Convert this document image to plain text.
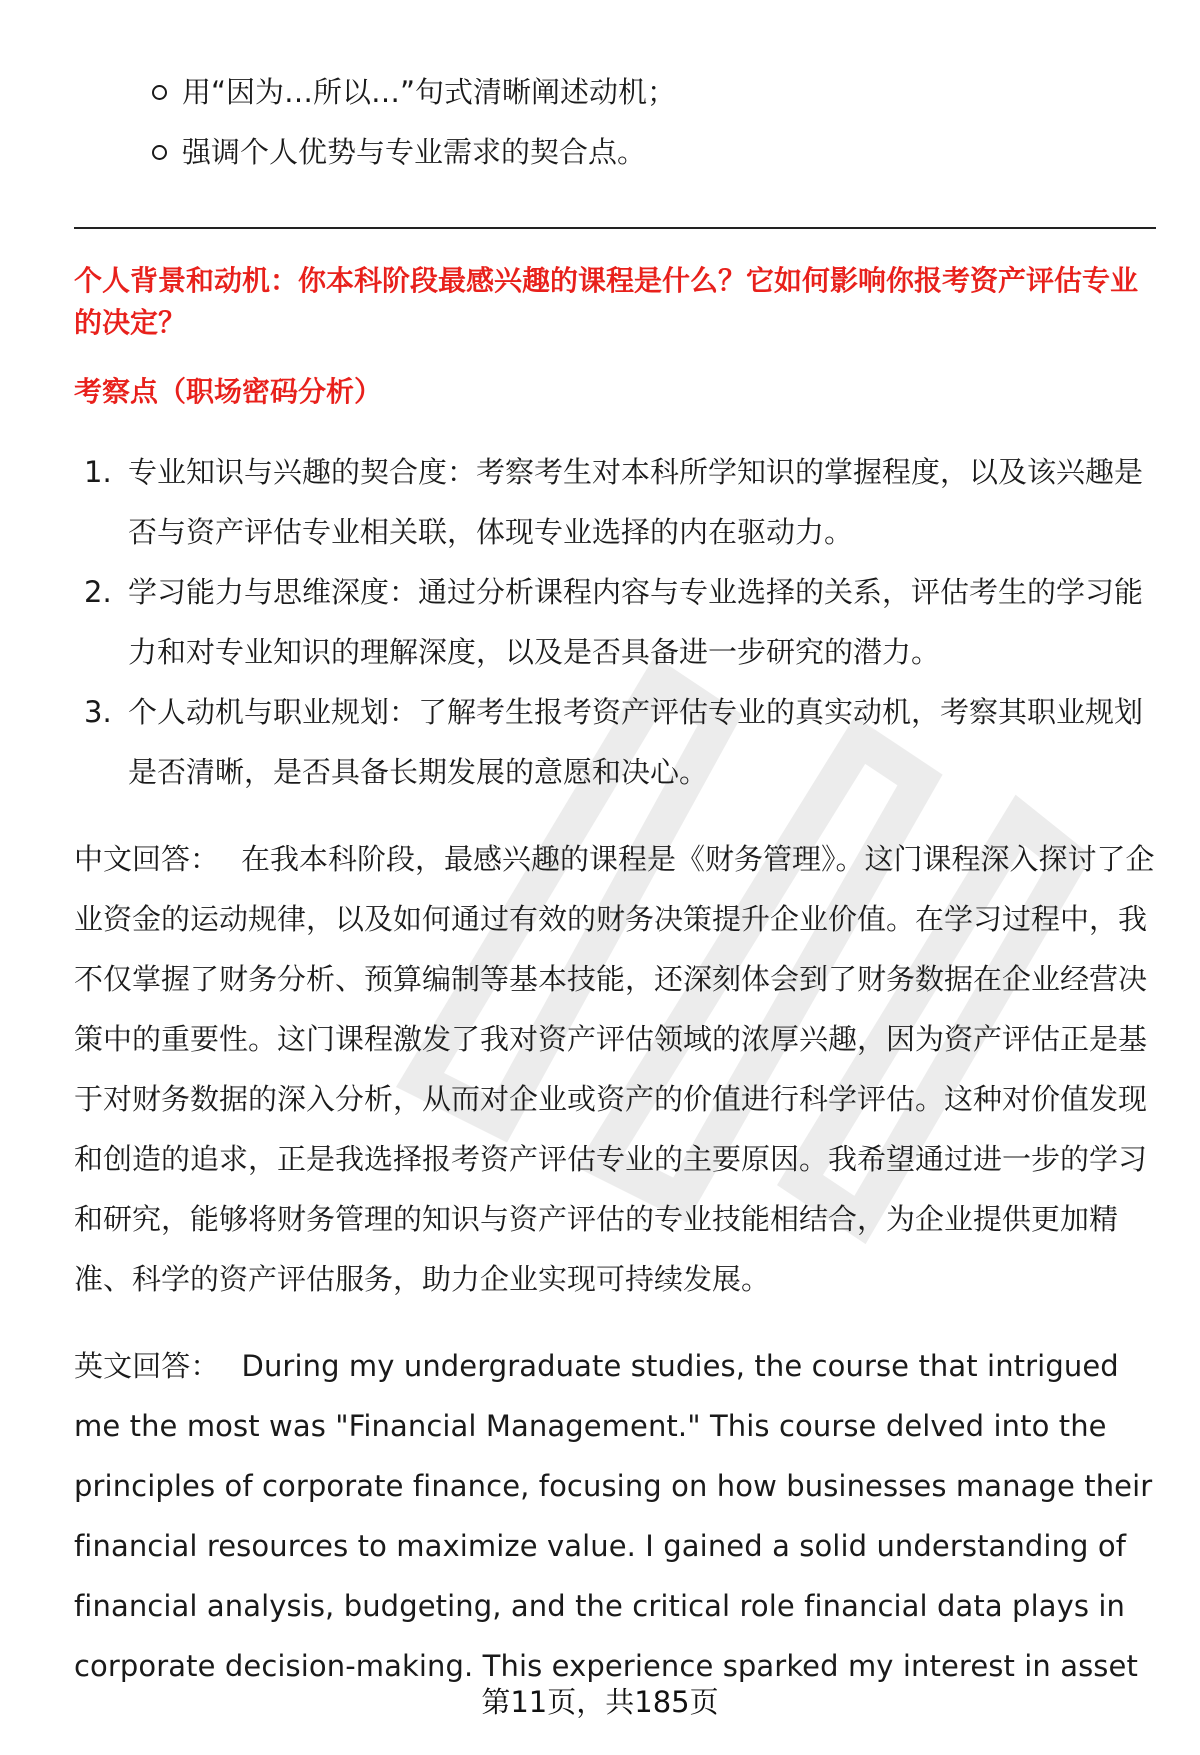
用“因为…所以…”句式清晰阐述动机；
强调个人优势与专业需求的契合点。

个人背景和动机：你本科阶段最感兴趣的课程是什么？它如何影响你报考资产评估专业的决定？

考察点（职场密码分析）

1. 专业知识与兴趣的契合度：考察考生对本科所学知识的掌握程度，以及该兴趣是否与资产评估专业相关联，体现专业选择的内在驱动力。
2. 学习能力与思维深度：通过分析课程内容与专业选择的关系，评估考生的学习能力和对专业知识的理解深度，以及是否具备进一步研究的潜力。
3. 个人动机与职业规划：了解考生报考资产评估专业的真实动机，考察其职业规划是否清晰，是否具备长期发展的意愿和决心。

中文回答： 在我本科阶段，最感兴趣的课程是《财务管理》。这门课程深入探讨了企业资金的运动规律，以及如何通过有效的财务决策提升企业价值。在学习过程中，我不仅掌握了财务分析、预算编制等基本技能，还深刻体会到了财务数据在企业经营决策中的重要性。这门课程激发了我对资产评估领域的浓厚兴趣，因为资产评估正是基于对财务数据的深入分析，从而对企业或资产的价值进行科学评估。这种对价值发现和创造的追求，正是我选择报考资产评估专业的主要原因。我希望通过进一步的学习和研究，能够将财务管理的知识与资产评估的专业技能相结合，为企业提供更加精准、科学的资产评估服务，助力企业实现可持续发展。

英文回答： During my undergraduate studies, the course that intrigued me the most was "Financial Management." This course delved into the principles of corporate finance, focusing on how businesses manage their financial resources to maximize value. I gained a solid understanding of financial analysis, budgeting, and the critical role financial data plays in corporate decision-making. This experience sparked my interest in asset

第11页，共185页
